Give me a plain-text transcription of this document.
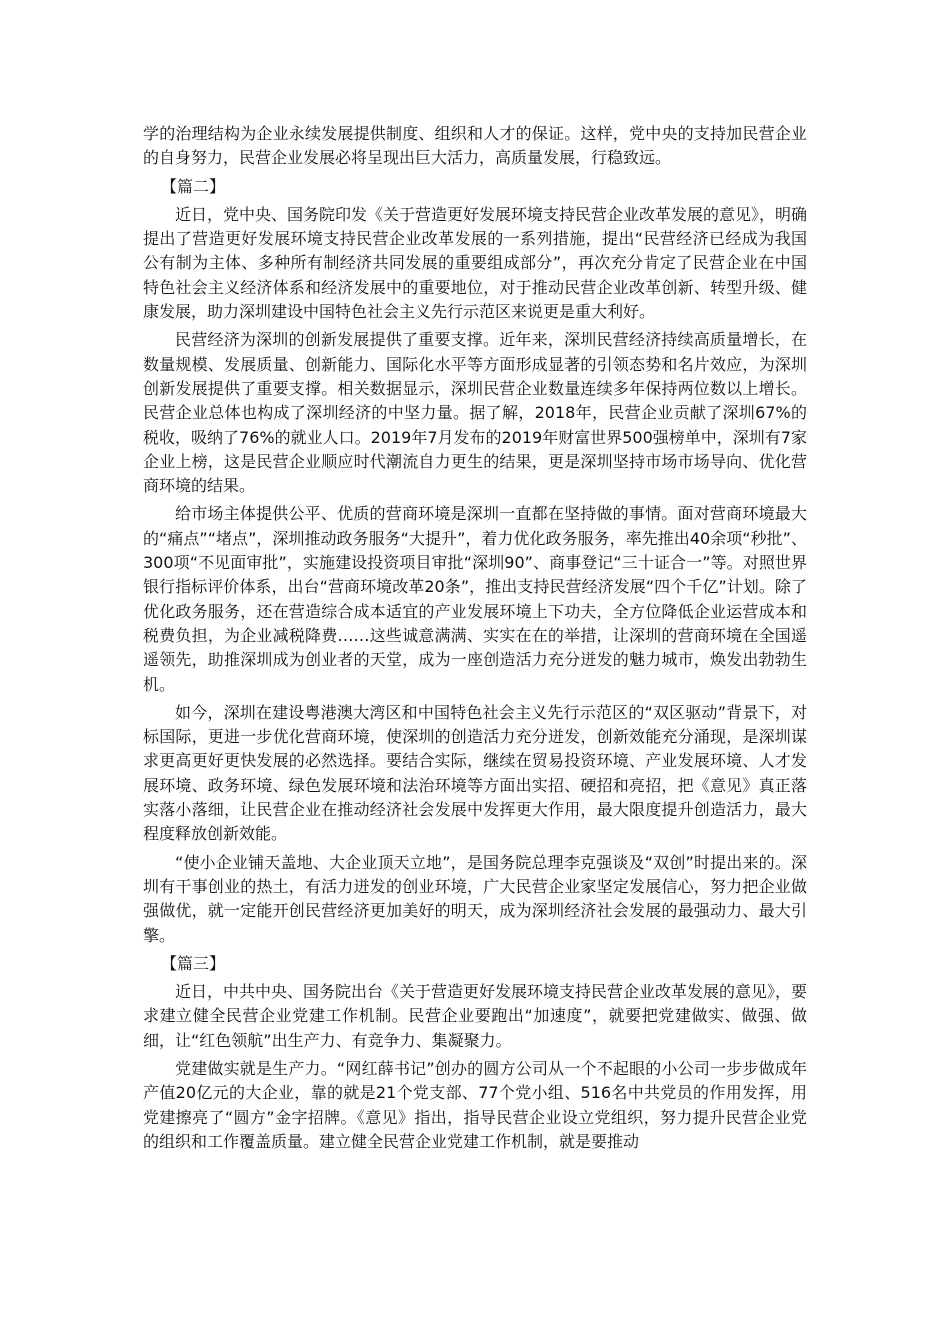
学的治理结构为企业永续发展提供制度、组织和人才的保证。这样，党中央的支持加民营企业的自身努力，民营企业发展必将呈现出巨大活力，高质量发展，行稳致远。

【篇二】

近日，党中央、国务院印发《关于营造更好发展环境支持民营企业改革发展的意见》，明确提出了营造更好发展环境支持民营企业改革发展的一系列措施，提出“民营经济已经成为我国公有制为主体、多种所有制经济共同发展的重要组成部分”，再次充分肯定了民营企业在中国特色社会主义经济体系和经济发展中的重要地位，对于推动民营企业改革创新、转型升级、健康发展，助力深圳建设中国特色社会主义先行示范区来说更是重大利好。

民营经济为深圳的创新发展提供了重要支撑。近年来，深圳民营经济持续高质量增长，在数量规模、发展质量、创新能力、国际化水平等方面形成显著的引领态势和名片效应，为深圳创新发展提供了重要支撑。相关数据显示，深圳民营企业数量连续多年保持两位数以上增长。民营企业总体也构成了深圳经济的中坚力量。据了解，2018年，民营企业贡献了深圳67%的税收，吸纳了76%的就业人口。2019年7月发布的2019年财富世界500强榜单中，深圳有7家企业上榜，这是民营企业顺应时代潮流自力更生的结果，更是深圳坚持市场市场导向、优化营商环境的结果。

给市场主体提供公平、优质的营商环境是深圳一直都在坚持做的事情。面对营商环境最大的“痛点”“堵点”，深圳推动政务服务“大提升”，着力优化政务服务，率先推出40余项“秒批”、300项“不见面审批”，实施建设投资项目审批“深圳90”、商事登记“三十证合一”等。对照世界银行指标评价体系，出台“营商环境改革20条”，推出支持民营经济发展“四个千亿”计划。除了优化政务服务，还在营造综合成本适宜的产业发展环境上下功夫，全方位降低企业运营成本和税费负担，为企业减税降费……这些诚意满满、实实在在的举措，让深圳的营商环境在全国遥遥领先，助推深圳成为创业者的天堂，成为一座创造活力充分迸发的魅力城市，焕发出勃勃生机。

如今，深圳在建设粤港澳大湾区和中国特色社会主义先行示范区的“双区驱动”背景下，对标国际，更进一步优化营商环境，使深圳的创造活力充分迸发，创新效能充分涌现，是深圳谋求更高更好更快发展的必然选择。要结合实际，继续在贸易投资环境、产业发展环境、人才发展环境、政务环境、绿色发展环境和法治环境等方面出实招、硬招和亮招，把《意见》真正落实落小落细，让民营企业在推动经济社会发展中发挥更大作用，最大限度提升创造活力，最大程度释放创新效能。

“使小企业铺天盖地、大企业顶天立地”，是国务院总理李克强谈及“双创”时提出来的。深圳有干事创业的热土，有活力迸发的创业环境，广大民营企业家坚定发展信心，努力把企业做强做优，就一定能开创民营经济更加美好的明天，成为深圳经济社会发展的最强动力、最大引擎。

【篇三】

近日，中共中央、国务院出台《关于营造更好发展环境支持民营企业改革发展的意见》，要求建立健全民营企业党建工作机制。民营企业要跑出“加速度”，就要把党建做实、做强、做细，让“红色领航”出生产力、有竞争力、集凝聚力。

党建做实就是生产力。“网红薛书记”创办的圆方公司从一个不起眼的小公司一步步做成年产值20亿元的大企业，靠的就是21个党支部、77个党小组、516名中共党员的作用发挥，用党建擦亮了“圆方”金字招牌。《意见》指出，指导民营企业设立党组织，努力提升民营企业党的组织和工作覆盖质量。建立健全民营企业党建工作机制，就是要推动
